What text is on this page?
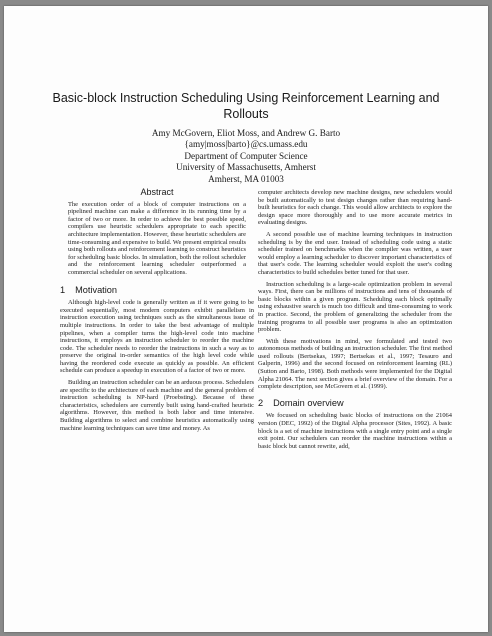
Basic-block Instruction Scheduling Using Reinforcement Learning and Rollouts
Amy McGovern, Eliot Moss, and Andrew G. Barto
{amy|moss|barto}@cs.umass.edu
Department of Computer Science
University of Massachusetts, Amherst
Amherst, MA 01003
Abstract
The execution order of a block of computer instructions on a pipelined machine can make a difference in its running time by a factor of two or more. In order to achieve the best possible speed, compilers use heuristic schedulers appropriate to each specific architecture implementation. However, these heuristic schedulers are time-consuming and expensive to build. We present empirical results using both rollouts and reinforcement learning to construct heuristics for scheduling basic blocks. In simulation, both the rollout scheduler and the reinforcement learning scheduler outperformed a commercial scheduler on several applications.
1 Motivation

Although high-level code is generally written as if it were going to be executed sequentially, most modern computers exhibit parallelism in instruction execution using techniques such as the simultaneous issue of multiple instructions. In order to take the best advantage of multiple pipelines, when a compiler turns the high-level code into machine instructions, it employs an instruction scheduler to reorder the machine code. The scheduler needs to reorder the instructions in such a way as to preserve the original in-order semantics of the high level code while having the reordered code execute as quickly as possible. An efficient schedule can produce a speedup in execution of a factor of two or more.

Building an instruction scheduler can be an arduous process. Schedulers are specific to the architecture of each machine and the general problem of instruction scheduling is NP-hard (Proebsting). Because of these characteristics, schedulers are currently built using hand-crafted heuristic algorithms. However, this method is both labor and time intensive. Building algorithms to select and combine heuristics automatically using machine learning techniques can save time and money. As

computer architects develop new machine designs, new schedulers would be built automatically to test design changes rather than requiring hand-built heuristics for each change. This would allow architects to explore the design space more thoroughly and to use more accurate metrics in evaluating designs.

A second possible use of machine learning techniques in instruction scheduling is by the end user. Instead of scheduling code using a static scheduler trained on benchmarks when the compiler was written, a user would employ a learning scheduler to discover important characteristics of that user's code. The learning scheduler would exploit the user's coding characteristics to build schedules better tuned for that user.

Instruction scheduling is a large-scale optimization problem in several ways. First, there can be millions of instructions and tens of thousands of basic blocks within a given program. Scheduling each block optimally using exhaustive search is much too difficult and time-consuming to work in practice. Second, the problem of generalizing the scheduler from the training programs to all possible user programs is also an optimization problem.

With these motivations in mind, we formulated and tested two autonomous methods of building an instruction scheduler. The first method used rollouts (Bertsekas, 1997; Bertsekas et al., 1997; Tesauro and Galperin, 1996) and the second focused on reinforcement learning (RL) (Sutton and Barto, 1998). Both methods were implemented for the Digital Alpha 21064. The next section gives a brief overview of the domain. For a complete description, see McGovern et al. (1999).

2 Domain overview

We focused on scheduling basic blocks of instructions on the 21064 version (DEC, 1992) of the Digital Alpha processor (Sites, 1992). A basic block is a set of machine instructions with a single entry point and a single exit point. Our schedulers can reorder the machine instructions within a basic block but cannot rewrite, add,
